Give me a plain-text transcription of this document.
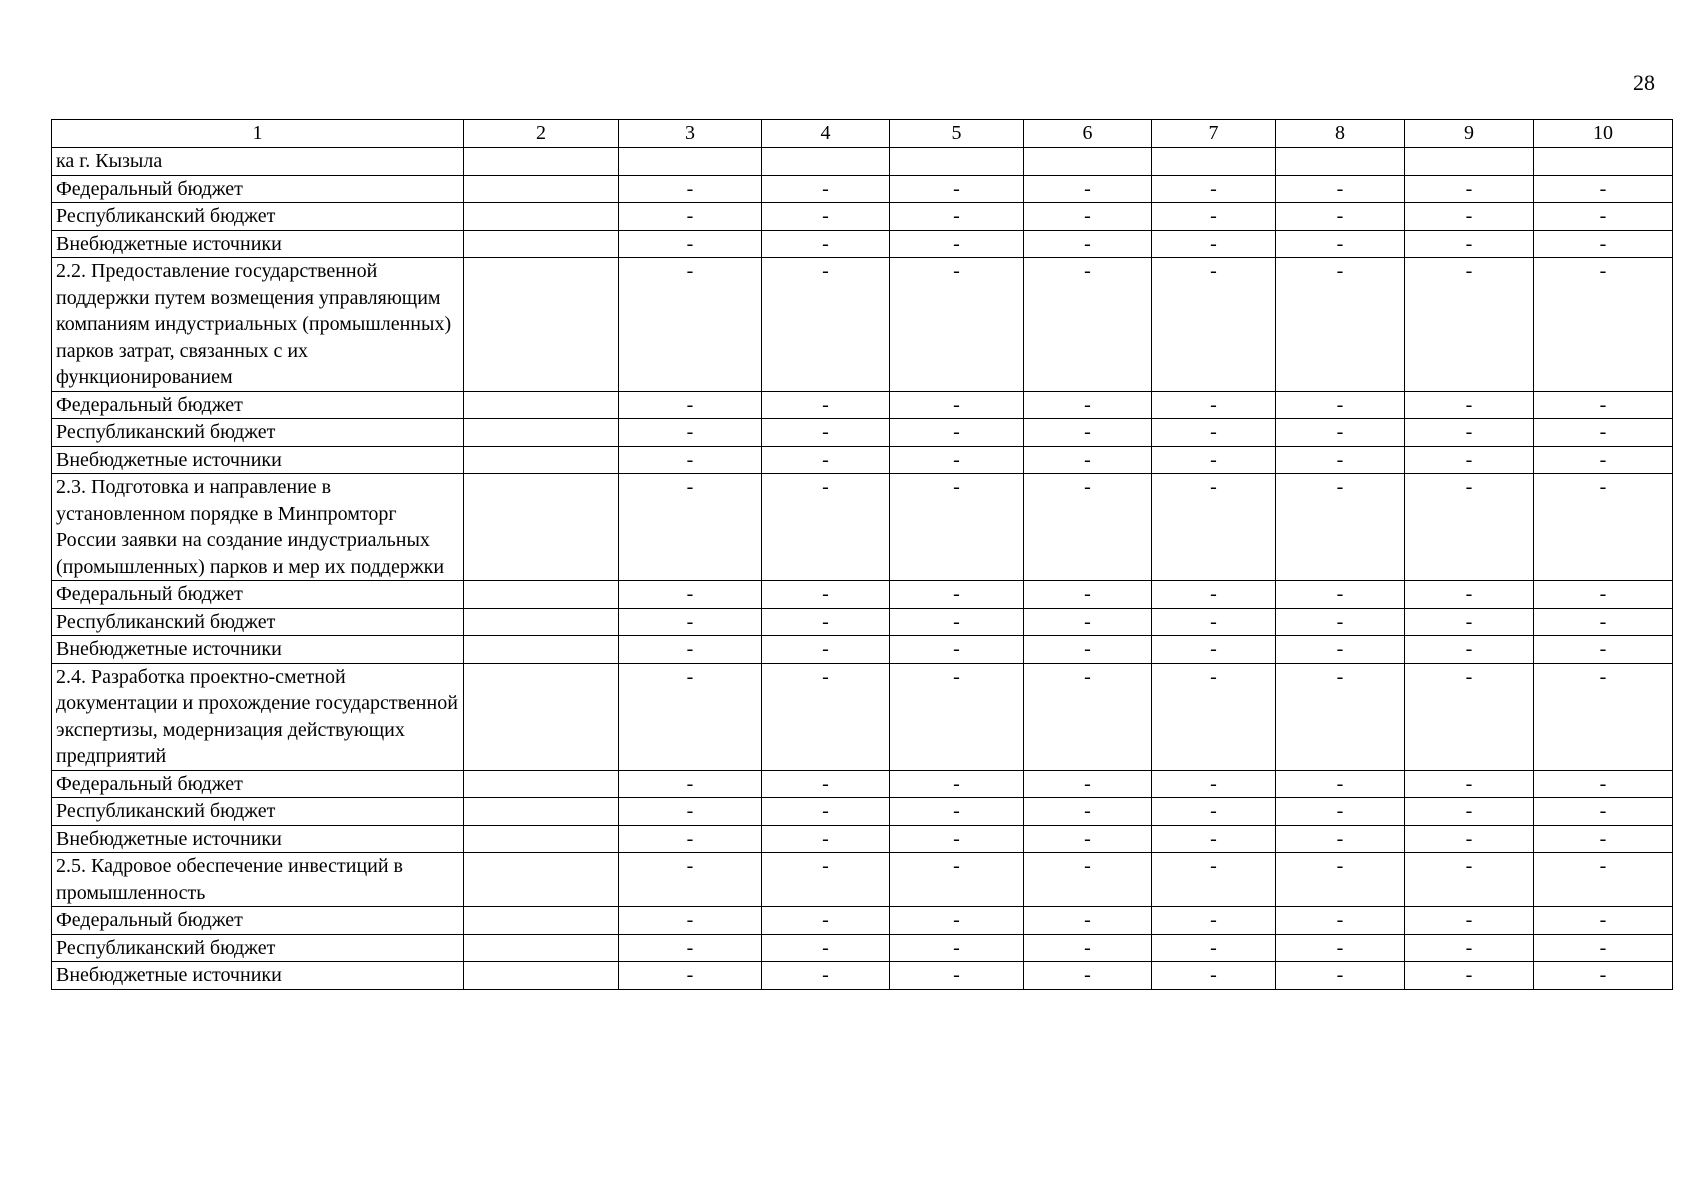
28
1	2	3	4	5	6	7	8	9	10
ка г. Кызыла									
Федеральный бюджет		-	-	-	-	-	-	-	-
Республиканский бюджет		-	-	-	-	-	-	-	-
Внебюджетные источники		-	-	-	-	-	-	-	-
2.2. Предоставление государственной поддержки путем возмещения управляющим компаниям индустриальных (промышленных) парков затрат, связанных с их функционированием		-	-	-	-	-	-	-	-
Федеральный бюджет		-	-	-	-	-	-	-	-
Республиканский бюджет		-	-	-	-	-	-	-	-
Внебюджетные источники		-	-	-	-	-	-	-	-
2.3. Подготовка и направление в установленном порядке в Минпромторг России заявки на создание индустриальных (промышленных) парков и мер их поддержки		-	-	-	-	-	-	-	-
Федеральный бюджет		-	-	-	-	-	-	-	-
Республиканский бюджет		-	-	-	-	-	-	-	-
Внебюджетные источники		-	-	-	-	-	-	-	-
2.4. Разработка проектно-сметной документации и прохождение государственной экспертизы, модернизация действующих предприятий		-	-	-	-	-	-	-	-
Федеральный бюджет		-	-	-	-	-	-	-	-
Республиканский бюджет		-	-	-	-	-	-	-	-
Внебюджетные источники		-	-	-	-	-	-	-	-
2.5. Кадровое обеспечение инвестиций в промышленность		-	-	-	-	-	-	-	-
Федеральный бюджет		-	-	-	-	-	-	-	-
Республиканский бюджет		-	-	-	-	-	-	-	-
Внебюджетные источники		-	-	-	-	-	-	-	-
